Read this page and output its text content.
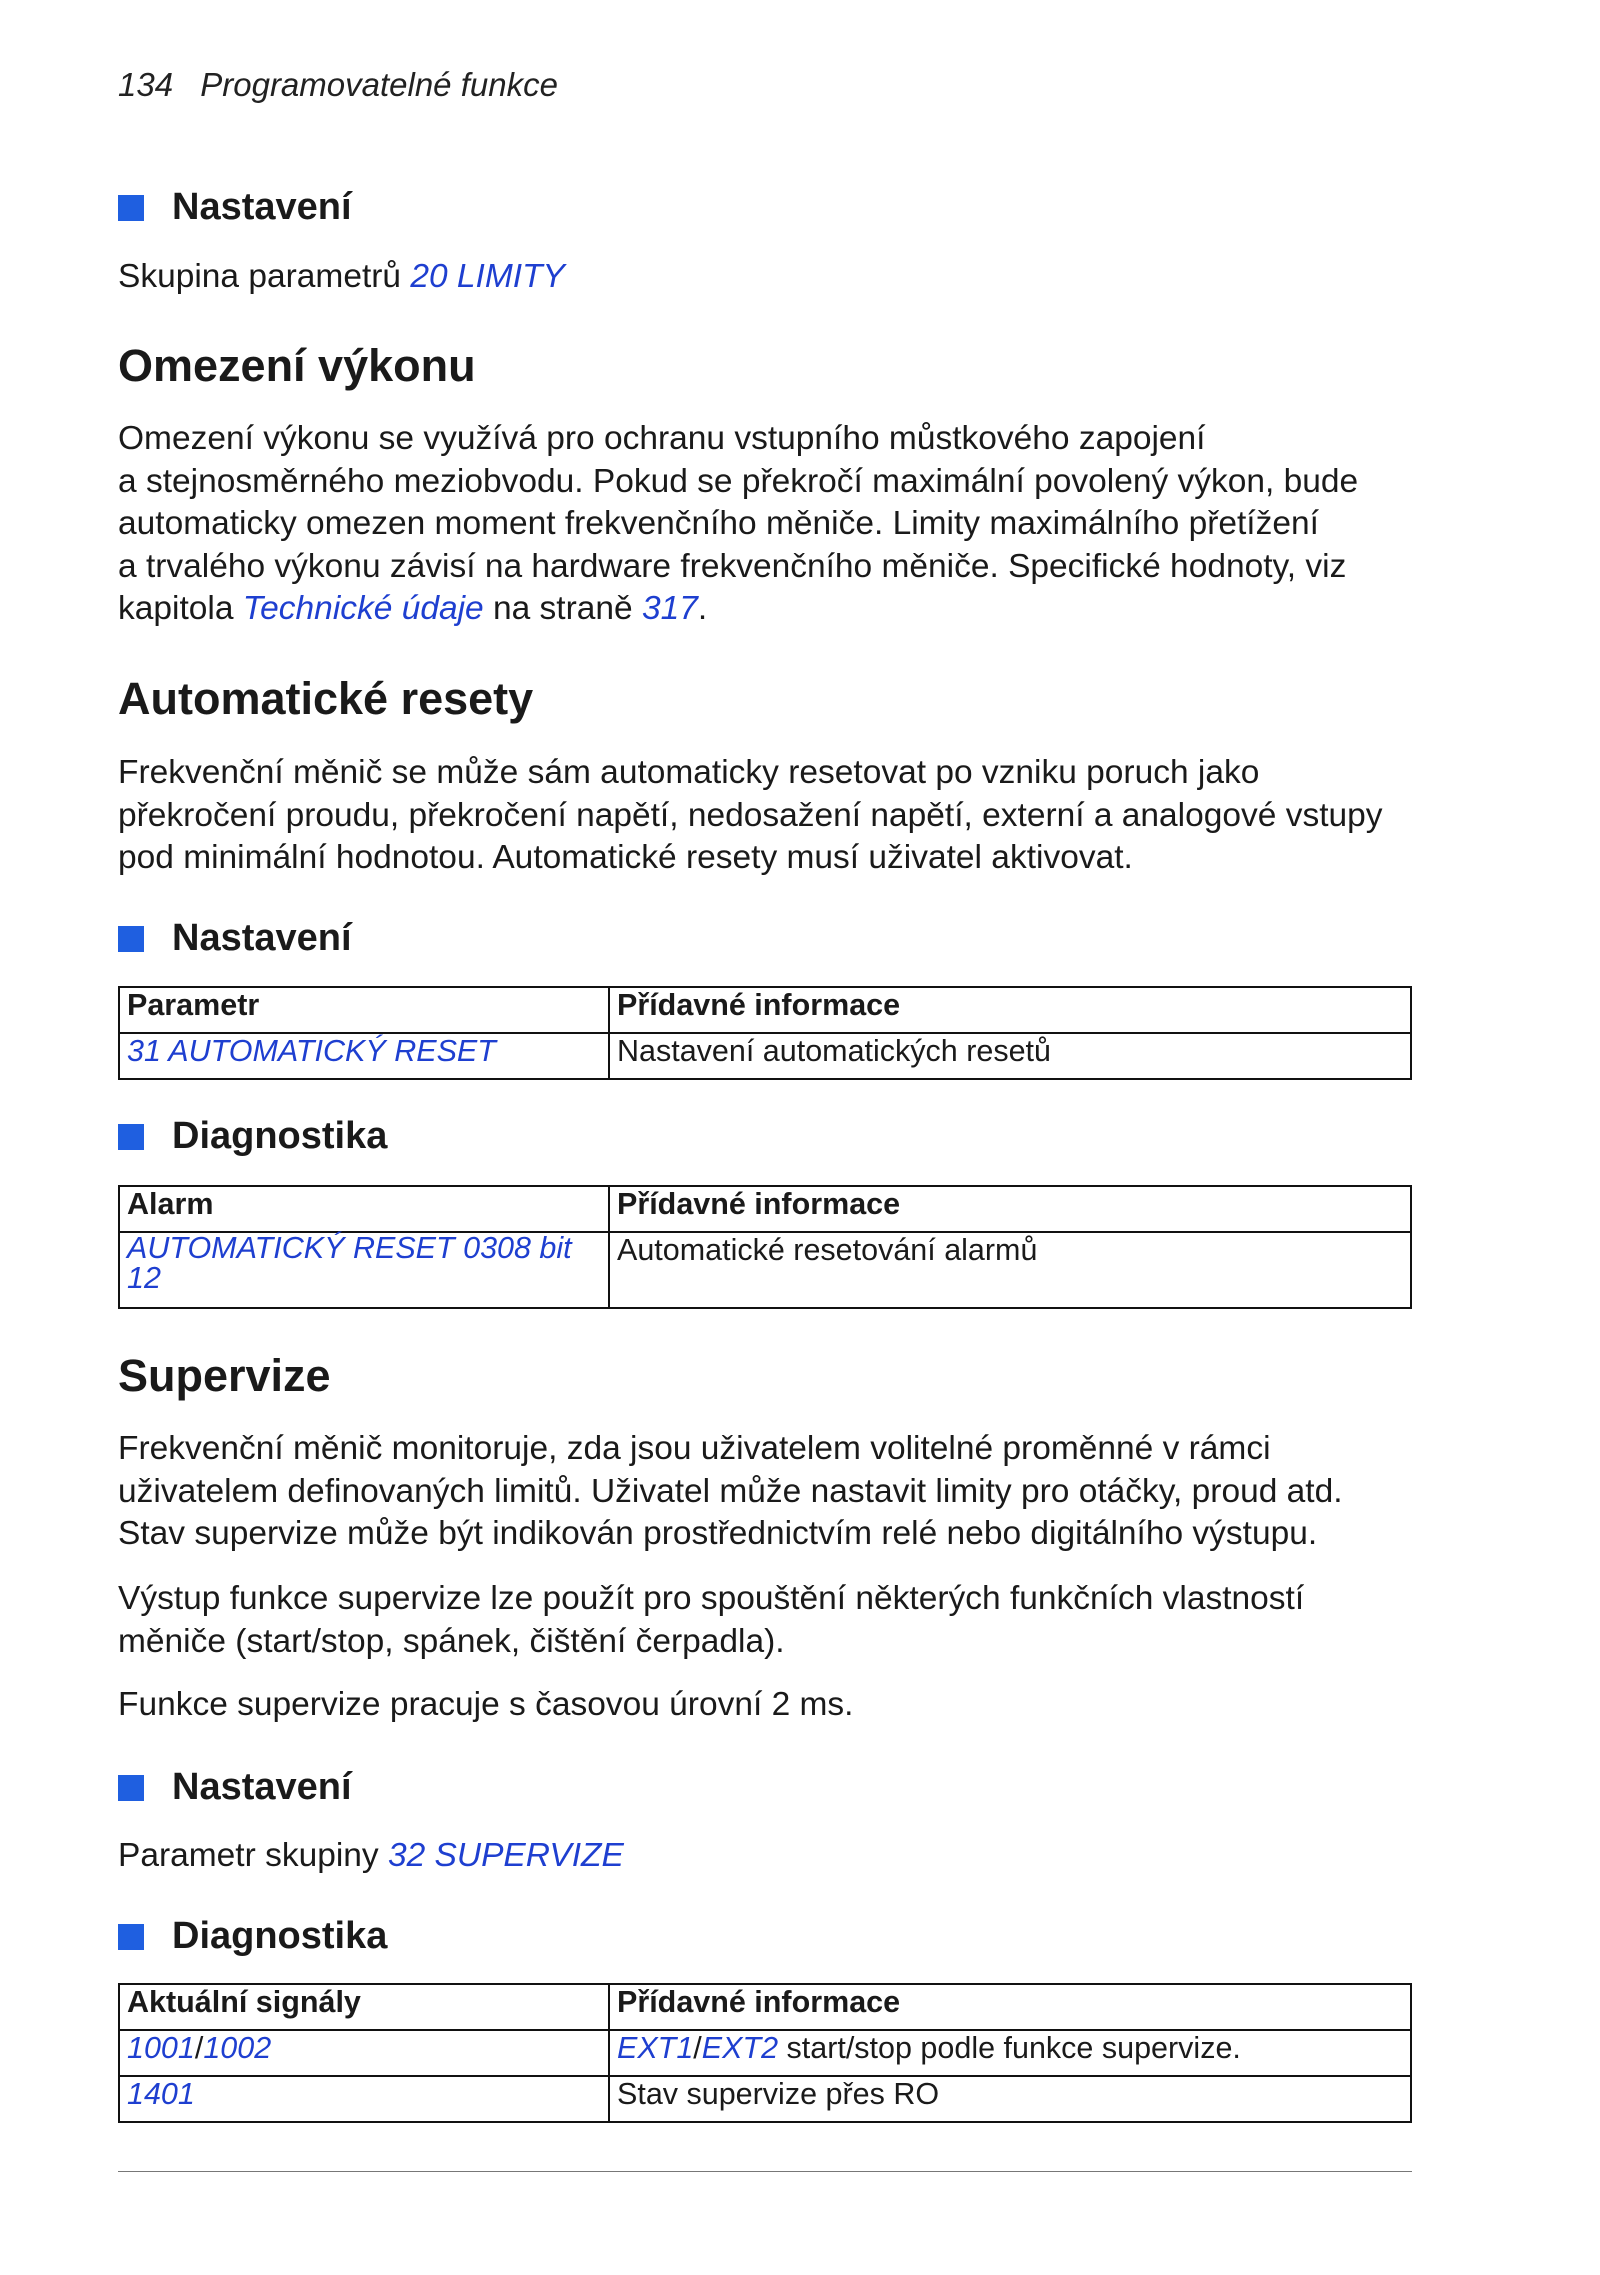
134 Programovatelné funkce
Nastavení
Skupina parametrů 20 LIMITY
Omezení výkonu
Omezení výkonu se využívá pro ochranu vstupního můstkového zapojení
a stejnosměrného meziobvodu. Pokud se překročí maximální povolený výkon, bude
automaticky omezen moment frekvenčního měniče. Limity maximálního přetížení
a trvalého výkonu závisí na hardware frekvenčního měniče. Specifické hodnoty, viz
kapitola Technické údaje na straně 317.
Automatické resety
Frekvenční měnič se může sám automaticky resetovat po vzniku poruch jako
překročení proudu, překročení napětí, nedosažení napětí, externí a analogové vstupy
pod minimální hodnotou. Automatické resety musí uživatel aktivovat.
Nastavení
Parametr	Přídavné informace
31 AUTOMATICKÝ RESET	Nastavení automatických resetů
Diagnostika
Alarm	Přídavné informace
AUTOMATICKÝ RESET 0308 bit
12	Automatické resetování alarmů
Supervize
Frekvenční měnič monitoruje, zda jsou uživatelem volitelné proměnné v rámci
uživatelem definovaných limitů. Uživatel může nastavit limity pro otáčky, proud atd.
Stav supervize může být indikován prostřednictvím relé nebo digitálního výstupu.
Výstup funkce supervize lze použít pro spouštění některých funkčních vlastností
měniče (start/stop, spánek, čištění čerpadla).
Funkce supervize pracuje s časovou úrovní 2 ms.
Nastavení
Parametr skupiny 32 SUPERVIZE
Diagnostika
Aktuální signály	Přídavné informace
1001/1002	EXT1/EXT2 start/stop podle funkce supervize.
1401	Stav supervize přes RO
